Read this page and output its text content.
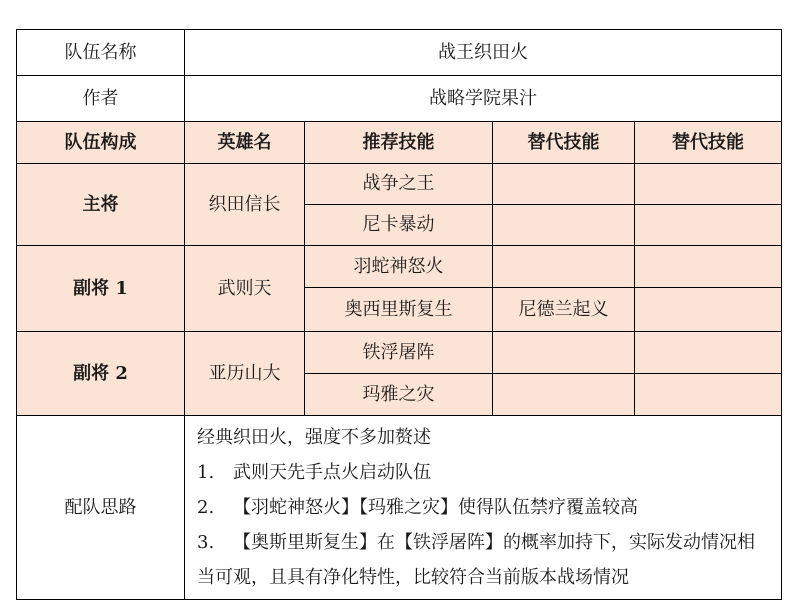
队伍名称	战王织田火			
作者	战略学院果汁			
队伍构成	英雄名	推荐技能	替代技能	替代技能
主将	织田信长	战争之王		
		尼卡暴动		
副将 1	武则天	羽蛇神怒火		
		奥西里斯复生	尼德兰起义	
副将 2	亚历山大	铁浮屠阵		
		玛雅之灾		
配队思路	经典织田火，强度不多加赘述
1. 武则天先手点火启动队伍
2. 【羽蛇神怒火】【玛雅之灾】使得队伍禁疗覆盖较高
3. 【奥斯里斯复生】在【铁浮屠阵】的概率加持下，实际发动情况相当可观，且具有净化特性，比较符合当前版本战场情况			
